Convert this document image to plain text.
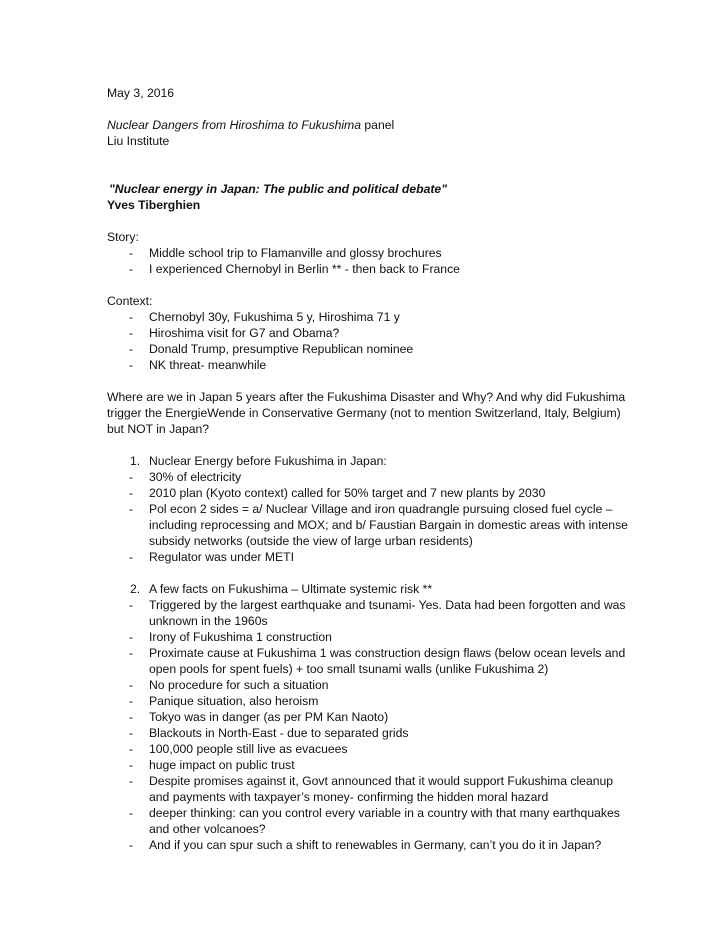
May 3, 2016
Nuclear Dangers from Hiroshima to Fukushima panel
Liu Institute
"Nuclear energy in Japan: The public and political debate"
Yves Tiberghien
Story:
- Middle school trip to Flamanville and glossy brochures
- I experienced Chernobyl in Berlin ** - then back to France
Context:
- Chernobyl 30y, Fukushima 5 y, Hiroshima 71 y
- Hiroshima visit for G7 and Obama?
- Donald Trump, presumptive Republican nominee
- NK threat- meanwhile
Where are we in Japan 5 years after the Fukushima Disaster and Why? And why did Fukushima
trigger the EnergieWende in Conservative Germany (not to mention Switzerland, Italy, Belgium)
but NOT in Japan?
1. Nuclear Energy before Fukushima in Japan:
- 30% of electricity
- 2010 plan (Kyoto context) called for 50% target and 7 new plants by 2030
- Pol econ 2 sides = a/ Nuclear Village and iron quadrangle pursuing closed fuel cycle –
including reprocessing and MOX; and b/ Faustian Bargain in domestic areas with intense
subsidy networks (outside the view of large urban residents)
- Regulator was under METI
2. A few facts on Fukushima – Ultimate systemic risk **
- Triggered by the largest earthquake and tsunami- Yes. Data had been forgotten and was
unknown in the 1960s
- Irony of Fukushima 1 construction
- Proximate cause at Fukushima 1 was construction design flaws (below ocean levels and
open pools for spent fuels) + too small tsunami walls (unlike Fukushima 2)
- No procedure for such a situation
- Panique situation, also heroism
- Tokyo was in danger (as per PM Kan Naoto)
- Blackouts in North-East - due to separated grids
- 100,000 people still live as evacuees
- huge impact on public trust
- Despite promises against it, Govt announced that it would support Fukushima cleanup
and payments with taxpayer’s money- confirming the hidden moral hazard
- deeper thinking: can you control every variable in a country with that many earthquakes
and other volcanoes?
- And if you can spur such a shift to renewables in Germany, can’t you do it in Japan?
